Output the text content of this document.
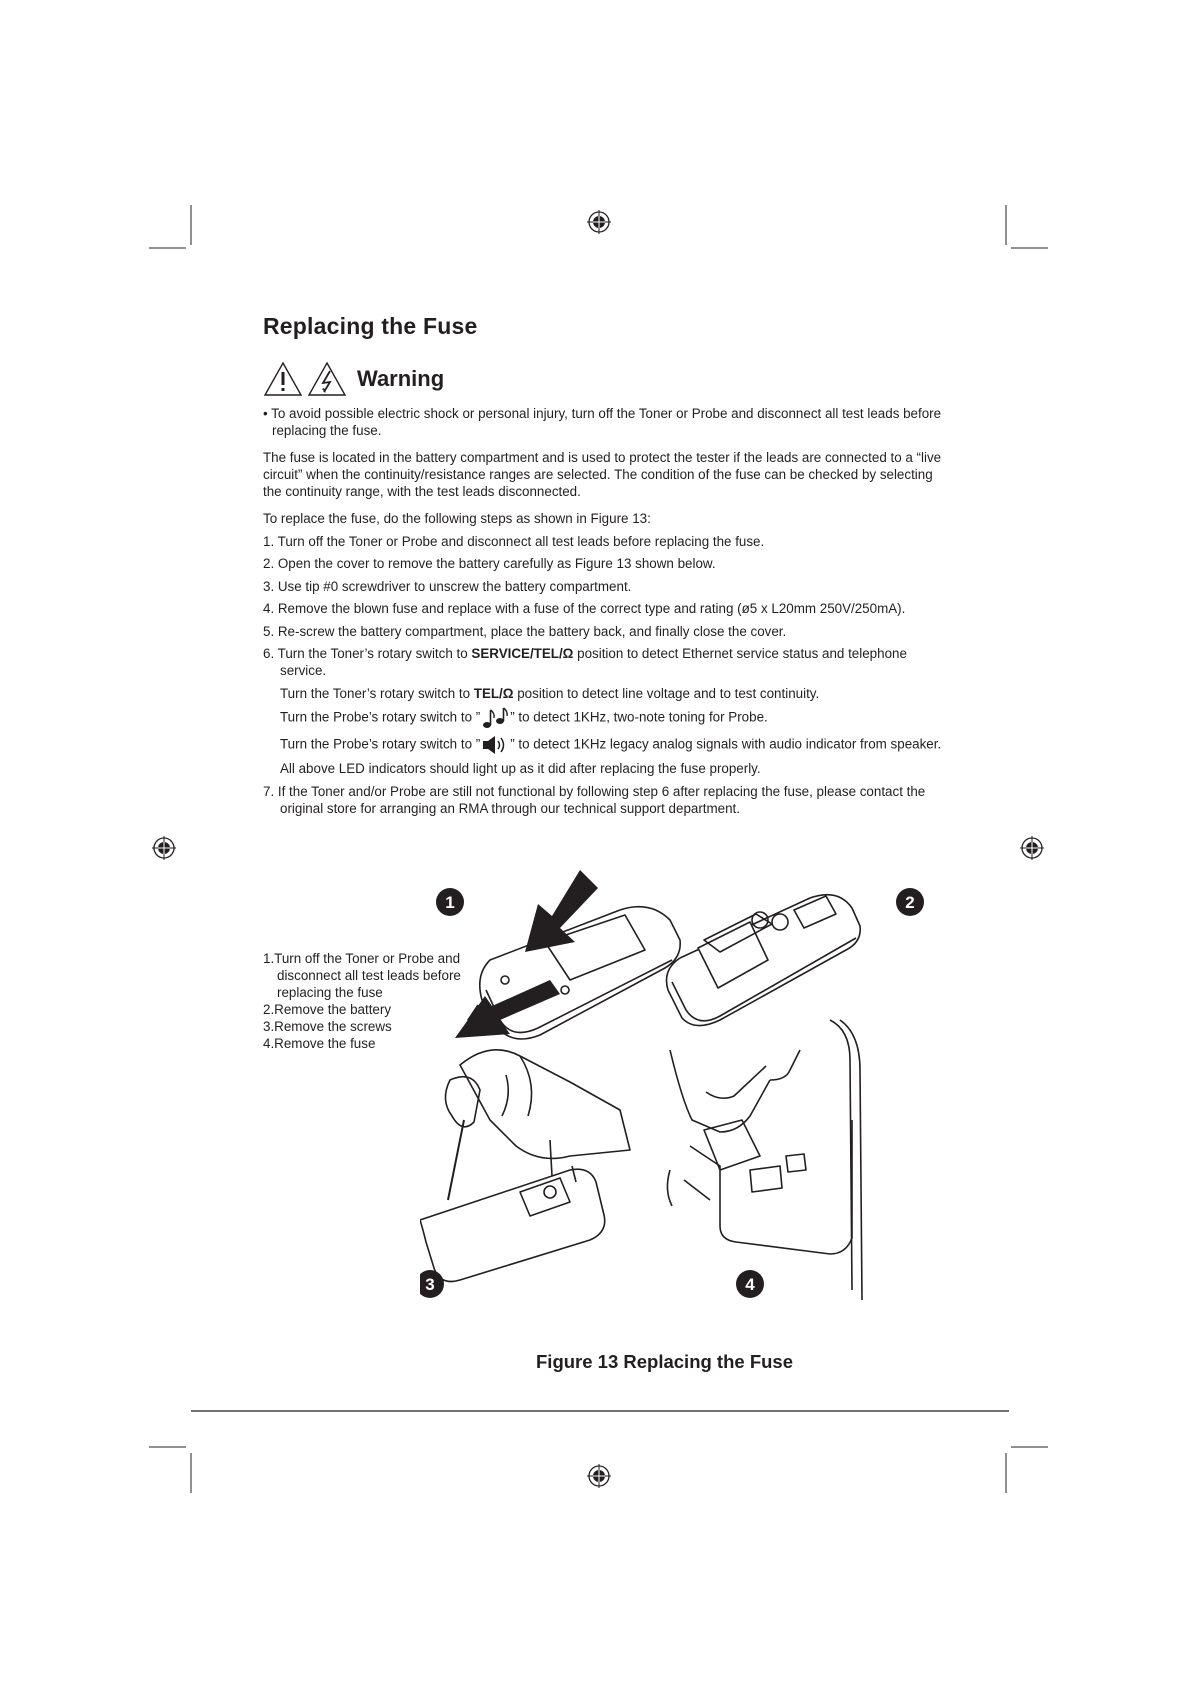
Replacing the Fuse
Warning

• To avoid possible electric shock or personal injury, turn off the Toner or Probe and disconnect all test leads before replacing the fuse.

The fuse is located in the battery compartment and is used to protect the tester if the leads are connected to a “live circuit” when the continuity/resistance ranges are selected. The condition of the fuse can be checked by selecting the continuity range, with the test leads disconnected.

To replace the fuse, do the following steps as shown in Figure 13:

1. Turn off the Toner or Probe and disconnect all test leads before replacing the fuse.

2. Open the cover to remove the battery carefully as Figure 13 shown below.

3. Use tip #0 screwdriver to unscrew the battery compartment.

4. Remove the blown fuse and replace with a fuse of the correct type and rating (ø5 x L20mm 250V/250mA).

5. Re-screw the battery compartment, place the battery back, and finally close the cover.

6. Turn the Toner’s rotary switch to SERVICE/TEL/Ω position to detect Ethernet service status and telephone service.

Turn the Toner’s rotary switch to TEL/Ω position to detect line voltage and to test continuity.

Turn the Probe’s rotary switch to ” ” to detect 1KHz, two-note toning for Probe.

Turn the Probe’s rotary switch to ” ” to detect 1KHz legacy analog signals with audio indicator from speaker.

All above LED indicators should light up as it did after replacing the fuse properly.

7. If the Toner and/or Probe are still not functional by following step 6 after replacing the fuse, please contact the original store for arranging an RMA through our technical support department.

1.Turn off the Toner or Probe and

disconnect all test leads before

replacing the fuse

2.Remove the battery

3.Remove the screws

4.Remove the fuse

1	2
3	4

Figure 13 Replacing the Fuse
